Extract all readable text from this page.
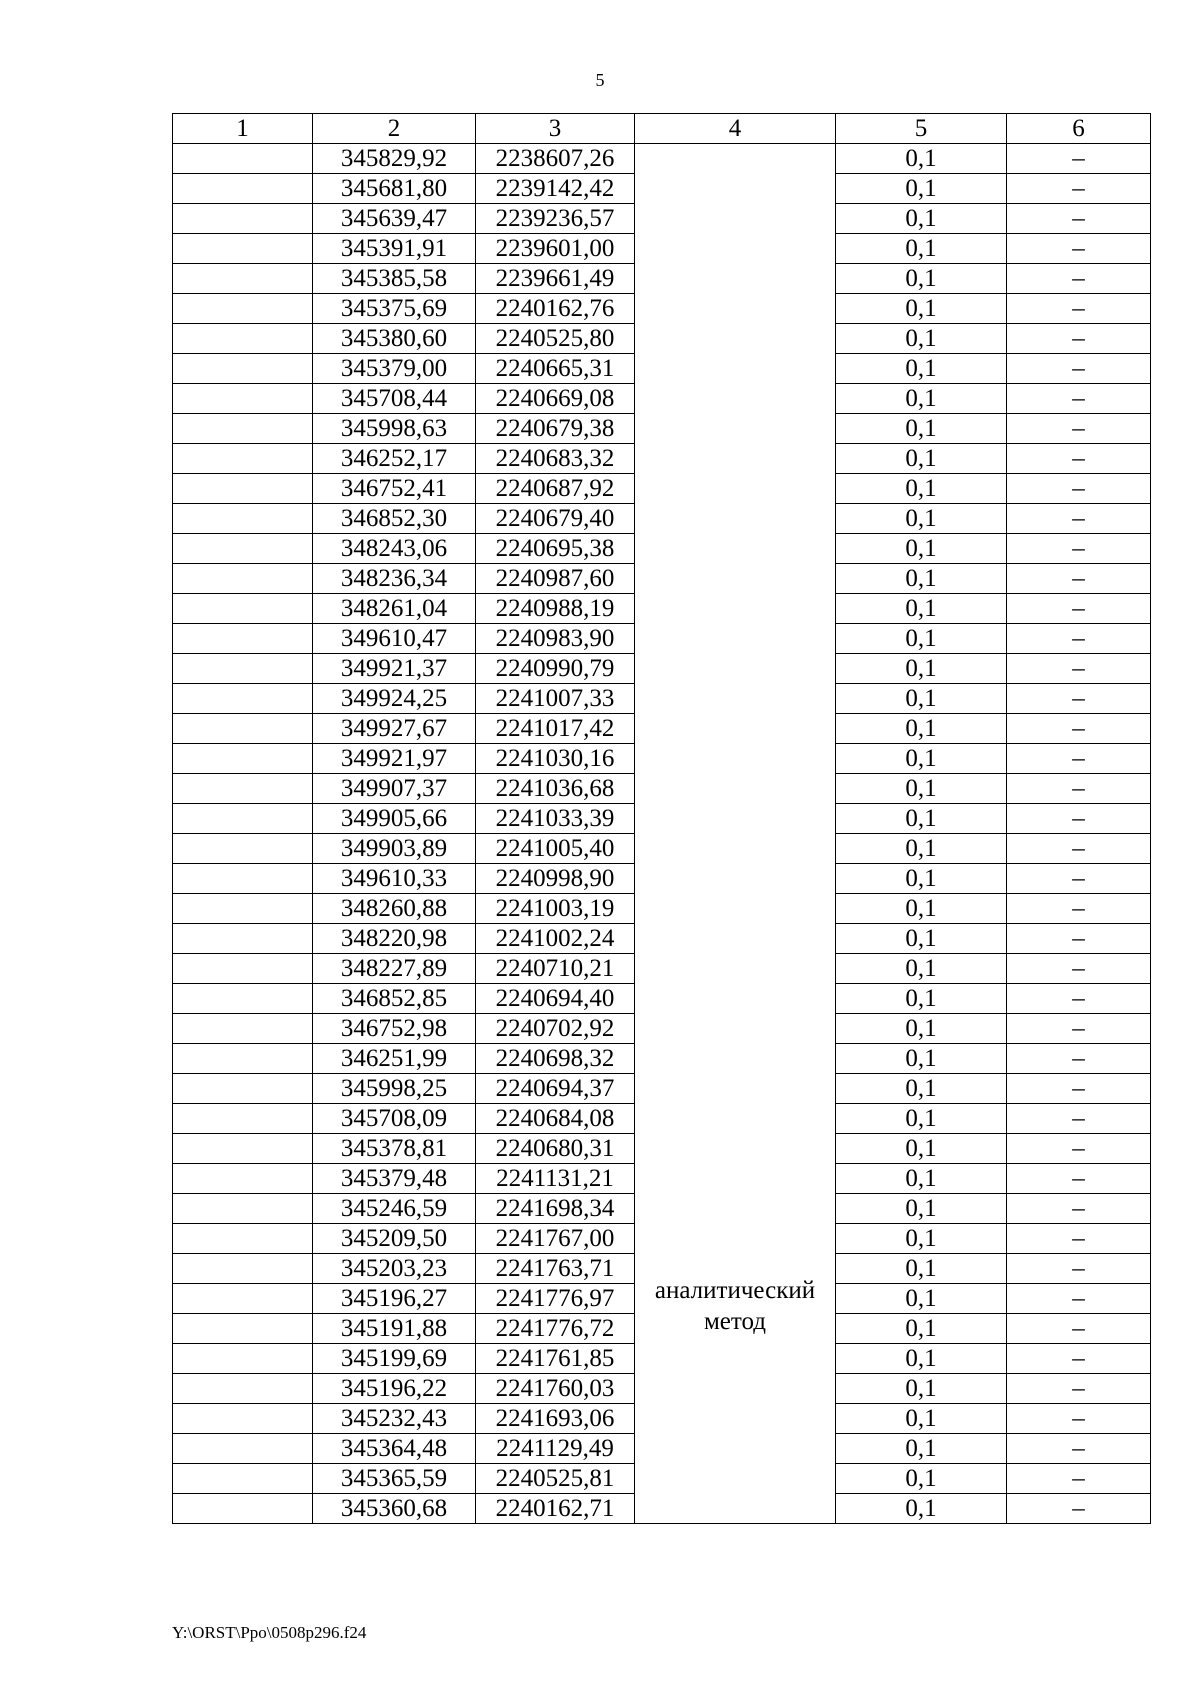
5
1	2	3	4	5	6
	345829,92	2238607,26	аналитический метод	0,1	–
	345681,80	2239142,42		0,1	–
	345639,47	2239236,57		0,1	–
	345391,91	2239601,00		0,1	–
	345385,58	2239661,49		0,1	–
	345375,69	2240162,76		0,1	–
	345380,60	2240525,80		0,1	–
	345379,00	2240665,31		0,1	–
	345708,44	2240669,08		0,1	–
	345998,63	2240679,38		0,1	–
	346252,17	2240683,32		0,1	–
	346752,41	2240687,92		0,1	–
	346852,30	2240679,40		0,1	–
	348243,06	2240695,38		0,1	–
	348236,34	2240987,60		0,1	–
	348261,04	2240988,19		0,1	–
	349610,47	2240983,90		0,1	–
	349921,37	2240990,79		0,1	–
	349924,25	2241007,33		0,1	–
	349927,67	2241017,42		0,1	–
	349921,97	2241030,16		0,1	–
	349907,37	2241036,68		0,1	–
	349905,66	2241033,39		0,1	–
	349903,89	2241005,40		0,1	–
	349610,33	2240998,90		0,1	–
	348260,88	2241003,19		0,1	–
	348220,98	2241002,24		0,1	–
	348227,89	2240710,21		0,1	–
	346852,85	2240694,40		0,1	–
	346752,98	2240702,92		0,1	–
	346251,99	2240698,32		0,1	–
	345998,25	2240694,37		0,1	–
	345708,09	2240684,08		0,1	–
	345378,81	2240680,31		0,1	–
	345379,48	2241131,21		0,1	–
	345246,59	2241698,34		0,1	–
	345209,50	2241767,00		0,1	–
	345203,23	2241763,71		0,1	–
	345196,27	2241776,97		0,1	–
	345191,88	2241776,72		0,1	–
	345199,69	2241761,85		0,1	–
	345196,22	2241760,03		0,1	–
	345232,43	2241693,06		0,1	–
	345364,48	2241129,49		0,1	–
	345365,59	2240525,81		0,1	–
	345360,68	2240162,71		0,1	–
Y:\ORST\Ppo\0508p296.f24
